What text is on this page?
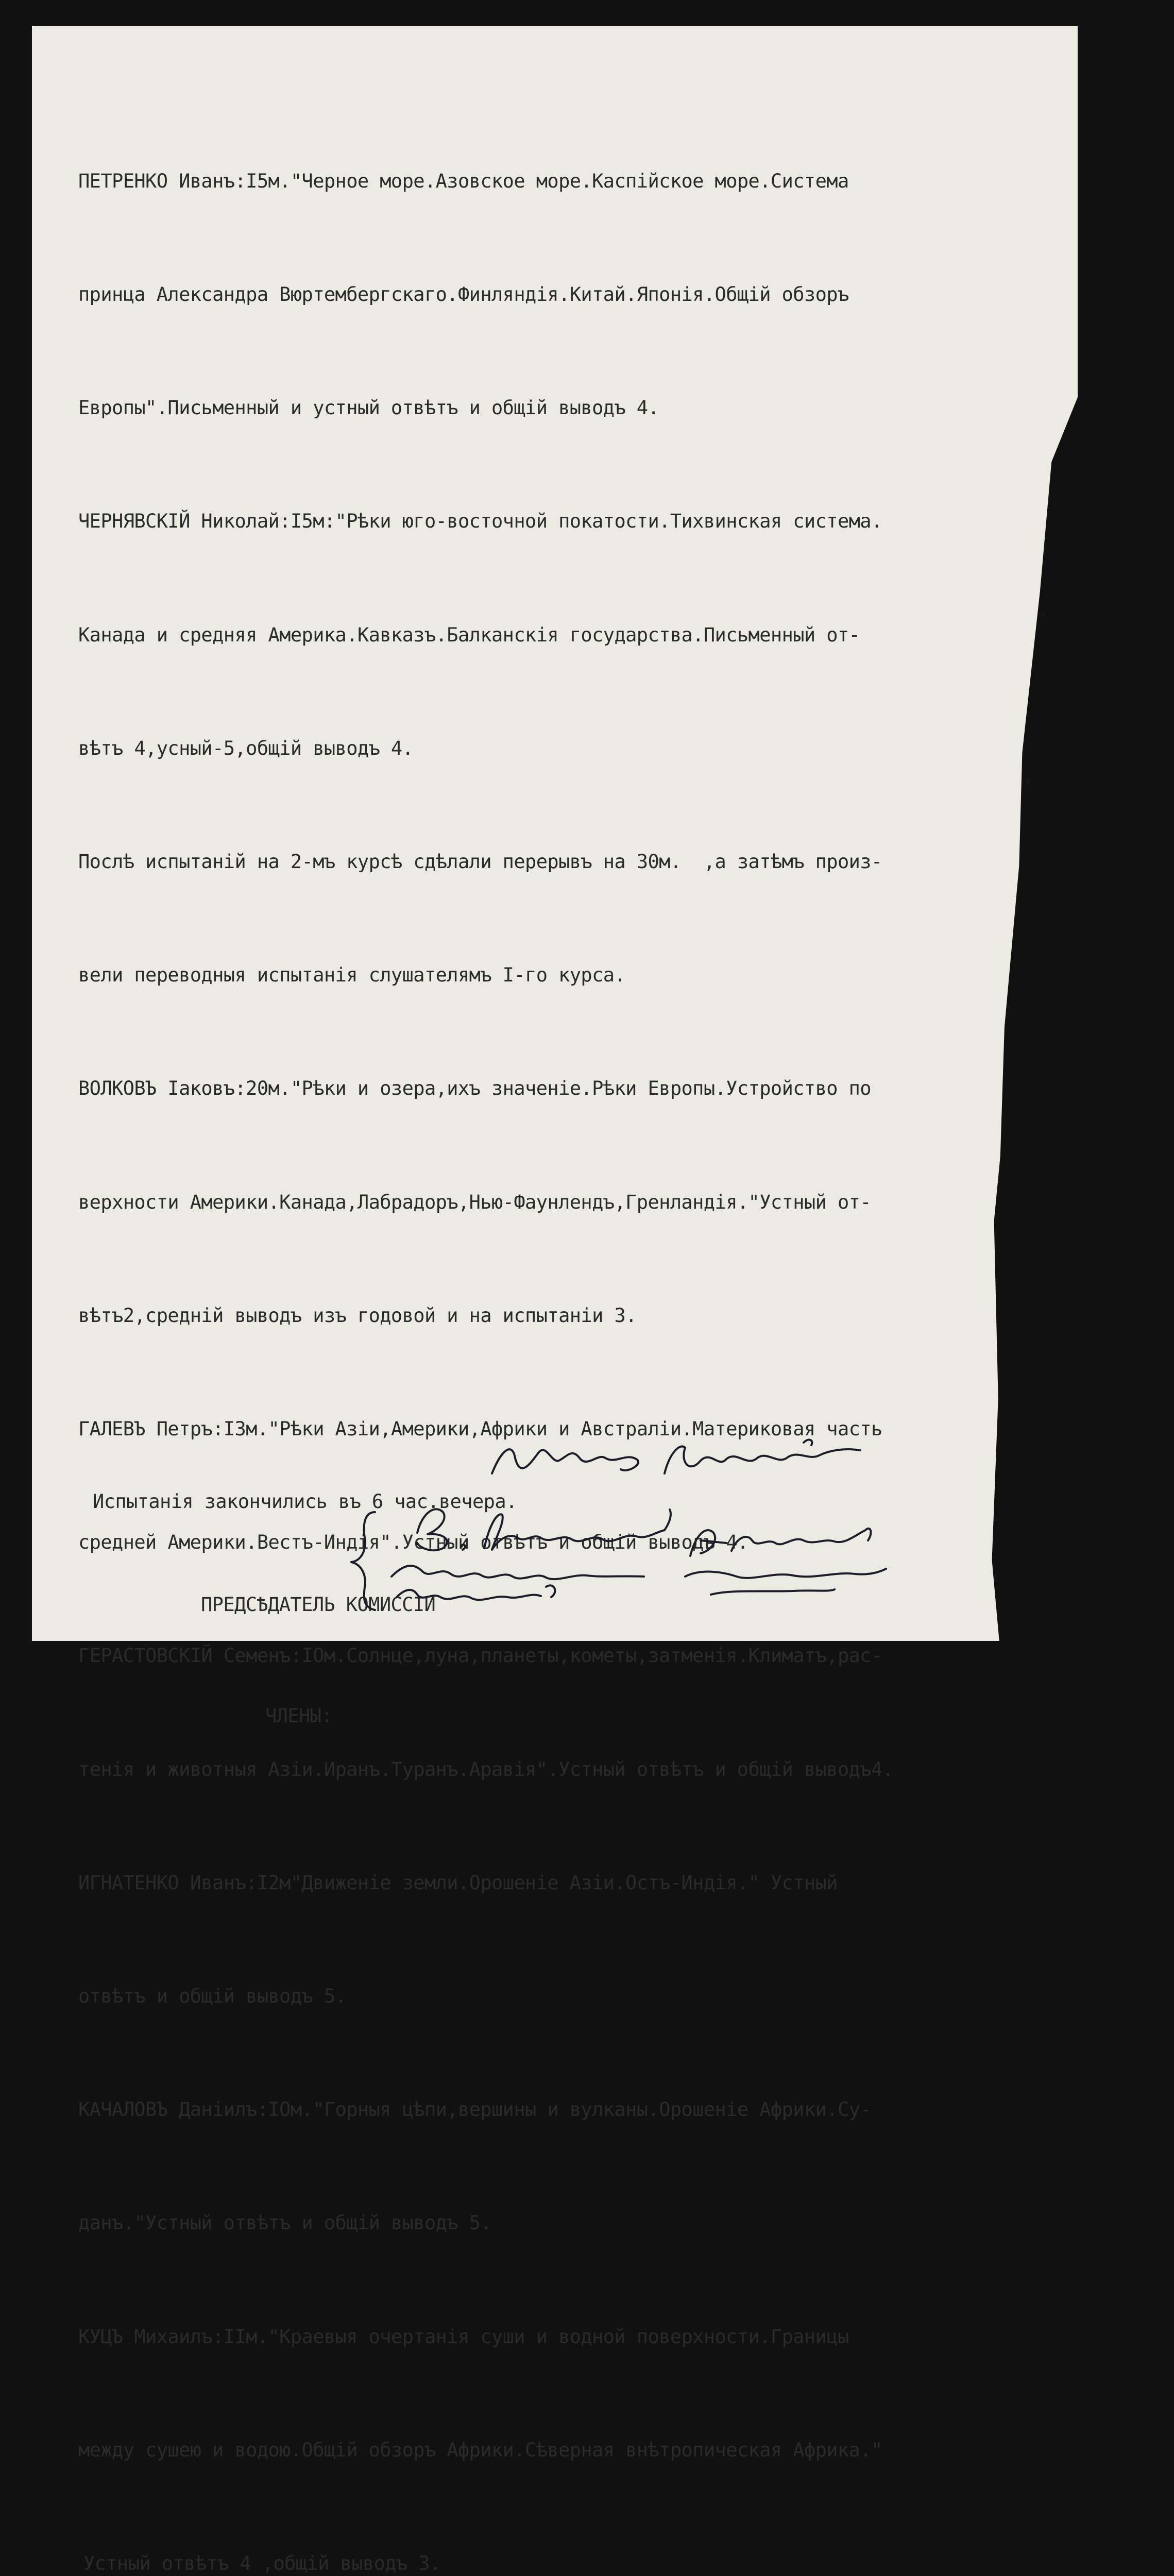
ПЕТРЕНКО Иванъ:I5м."Черное море.Азовское море.Каспiйское море.Система

принца Александра Вюртембергскаго.Финляндiя.Китай.Японiя.Общiй обзоръ

Европы".Письменный и устный отвѣтъ и общiй выводъ 4.

ЧЕРНЯВСКIЙ Николай:I5м:"Рѣки юго-восточной покатости.Тихвинская система.

Канада и средняя Америка.Кавказъ.Балканскiя государства.Письменный от-

вѣтъ 4,усный-5,общiй выводъ 4.

Послѣ испытанiй на 2-мъ курсѣ сдѣлали перерывъ на 30м.  ,а затѣмъ произ-

вели переводныя испытанiя слушателямъ I-го курса.

ВОЛКОВЪ Iаковъ:20м."Рѣки и озера,ихъ значенiе.Рѣки Европы.Устройство по

верхности Америки.Канада,Лабрадоръ,Нью-Фаунлендъ,Гренландiя."Устный от-

вѣтъ2,среднiй выводъ изъ годовой и на испытанiи 3.

ГАЛЕВЪ Петръ:I3м."Рѣки Азiи,Америки,Африки и Австралiи.Материковая часть

средней Америки.Вестъ-Индiя".Устный отвѣтъ и общiй выводъ 4.

ГЕРАСТОВСКIЙ Семенъ:IOм.Солнце,луна,планеты,кометы,затменiя.Климатъ,рас-

тенiя и животныя Азiи.Иранъ.Туранъ.Аравiя".Устный отвѣтъ и общiй выводъ4.

ИГНАТЕНКО Иванъ:I2м"Движенiе земли.Орошенiе Азiи.Остъ-Индiя." Устный

отвѣтъ и общiй выводъ 5.

КАЧАЛОВЪ Данiилъ:IOм."Горныя цѣпи,вершины и вулканы.Орошенiе Африки.Су-

данъ."Устный отвѣтъ и общiй выводъ 5.

КУЦЪ Михаилъ:IIм."Краевыя очертанiя суши и водной поверхности.Границы

между сушею и водою.Общiй обзоръ Африки.Сѣверная внѣтропическая Африка."

Устный отвѣтъ 4 ,общiй выводъ 3.

Испытанiя закончились въ 6 час.вечера.

ПРЕДСѢДАТЕЛЬ КОМИССIИ

ЧЛЕНЫ:
